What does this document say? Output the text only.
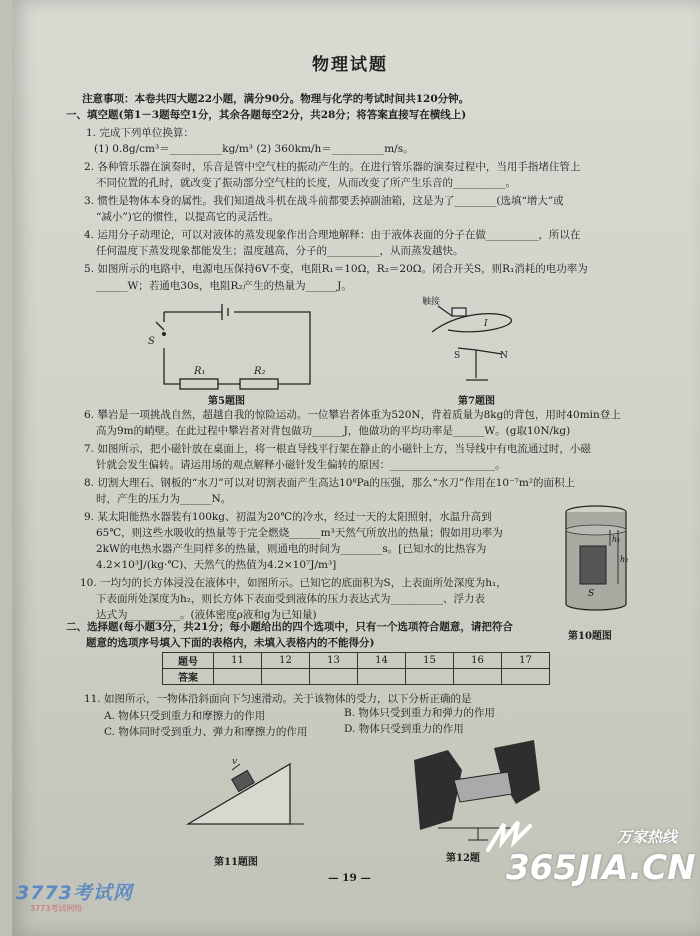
物理试题
注意事项：本卷共四大题22小题，满分90分。物理与化学的考试时间共120分钟。
一、填空题(第1－3题每空1分，其余各题每空2分，共28分；将答案直接写在横线上)
1. 完成下列单位换算：
(1) 0.8g/cm³＝__________kg/m³ (2) 360km/h＝__________m/s。
2. 各种管乐器在演奏时，乐音是管中空气柱的振动产生的。在进行管乐器的演奏过程中，当用手指堵住管上
不同位置的孔时，就改变了振动部分空气柱的长度，从而改变了所产生乐音的__________。
3. 惯性是物体本身的属性。我们知道战斗机在战斗前都要丢掉副油箱，这是为了________(选填“增大”或
“减小”)它的惯性，以提高它的灵活性。
4. 运用分子动理论，可以对液体的蒸发现象作出合理地解释：由于液体表面的分子在做__________，所以在
任何温度下蒸发现象都能发生；温度越高，分子的__________，从而蒸发越快。
5. 如图所示的电路中，电源电压保持6V不变，电阻R₁＝10Ω，R₂＝20Ω。闭合开关S，则R₁消耗的电功率为
______W；若通电30s，电阻R₂产生的热量为______J。
S
R₁	R₂
第5题图
触接
I
S	N
第7题图
6. 攀岩是一项挑战自然，超越自我的惊险运动。一位攀岩者体重为520N，背着质量为8kg的背包，用时40min登上
高为9m的峭壁。在此过程中攀岩者对背包做功______J，他做功的平均功率是______W。(g取10N/kg)
7. 如图所示，把小磁针放在桌面上，将一根直导线平行架在静止的小磁针上方，当导线中有电流通过时，小磁
针就会发生偏转。请运用场的观点解释小磁针发生偏转的原因：____________________。
8. 切割大理石、钢板的“水刀”可以对切割表面产生高达10⁸Pa的压强，那么“水刀”作用在10⁻⁷m²的面积上
时，产生的压力为______N。
9. 某太阳能热水器装有100kg、初温为20℃的冷水，经过一天的太阳照射，水温升高到
65℃，则这些水吸收的热量等于完全燃烧______m³天然气所放出的热量；假如用功率为
2kW的电热水器产生同样多的热量，则通电的时间为________s。[已知水的比热容为
4.2×10³J/(kg·℃)、天然气的热值为4.2×10⁷J/m³]
10. 一均匀的长方体浸没在液体中，如图所示。已知它的底面积为S，上表面所处深度为h₁，
下表面所处深度为h₂，则长方体下表面受到液体的压力表达式为__________、浮力表
达式为__________。(液体密度ρ液和g为已知量)
S
h₁
h₂
第10题图
二、选择题(每小题3分，共21分；每小题给出的四个选项中，只有一个选项符合题意，请把符合
题意的选项序号填入下面的表格内，未填入表格内的不能得分)
题号	11	12	13	14	15	16	17
答案							
11. 如图所示，一物体沿斜面向下匀速滑动。关于该物体的受力，以下分析正确的是
A. 物体只受到重力和摩擦力的作用	B. 物体只受到重力和弹力的作用
C. 物体同时受到重力、弹力和摩擦力的作用	D. 物体只受到重力的作用
v
第11题图	第12题
— 19 —
3773考试网
3773考试网络
万家热线
365JIA.CN
